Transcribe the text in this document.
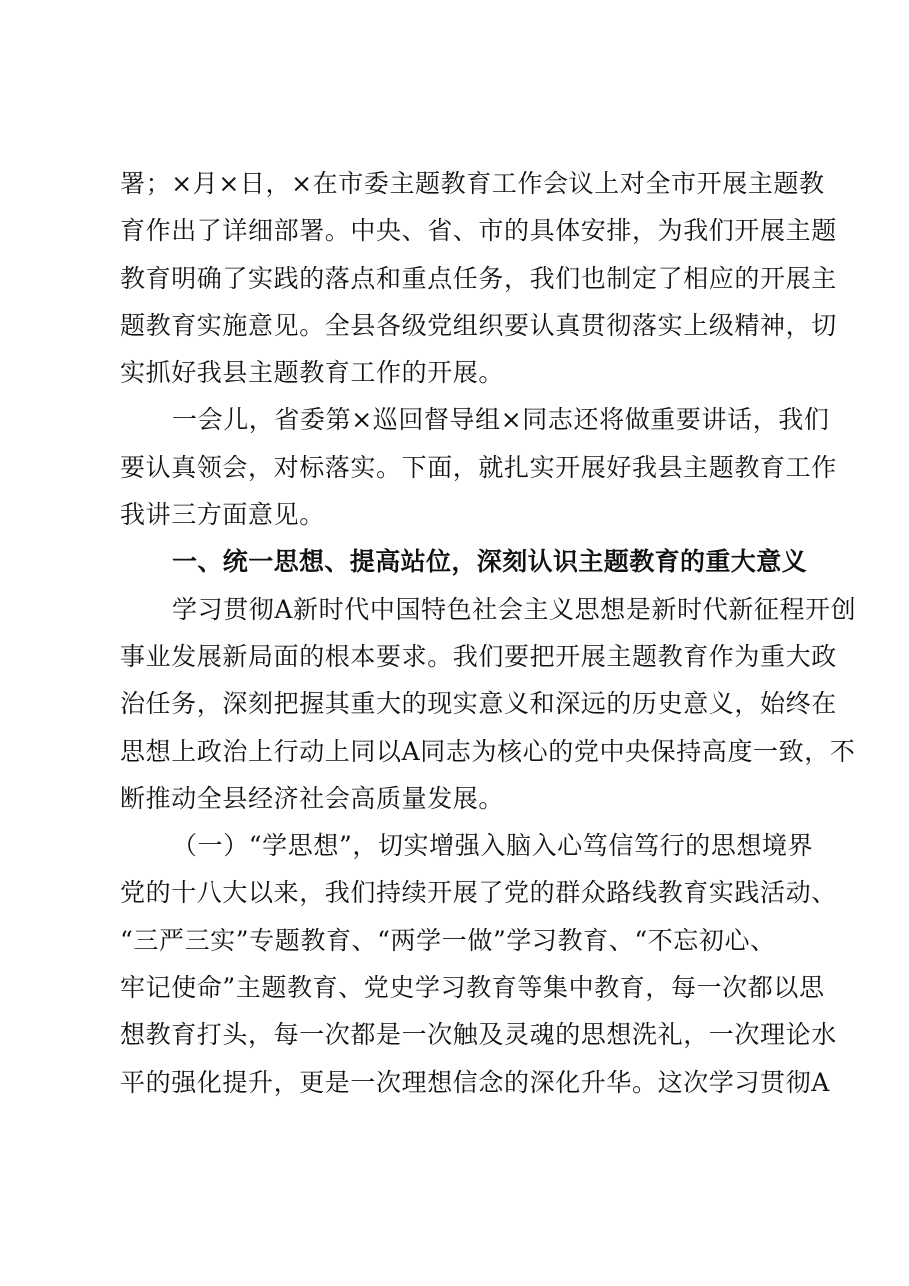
署；×月×日，×在市委主题教育工作会议上对全市开展主题教
育作出了详细部署。中央、省、市的具体安排，为我们开展主题
教育明确了实践的落点和重点任务，我们也制定了相应的开展主
题教育实施意见。全县各级党组织要认真贯彻落实上级精神，切
实抓好我县主题教育工作的开展。
一会儿，省委第×巡回督导组×同志还将做重要讲话，我们
要认真领会，对标落实。下面，就扎实开展好我县主题教育工作
我讲三方面意见。
一、统一思想、提高站位，深刻认识主题教育的重大意义
学习贯彻A新时代中国特色社会主义思想是新时代新征程开创
事业发展新局面的根本要求。我们要把开展主题教育作为重大政
治任务，深刻把握其重大的现实意义和深远的历史意义，始终在
思想上政治上行动上同以A同志为核心的党中央保持高度一致，不
断推动全县经济社会高质量发展。
（一）“学思想”，切实增强入脑入心笃信笃行的思想境界
党的十八大以来，我们持续开展了党的群众路线教育实践活动、
“三严三实”专题教育、“两学一做”学习教育、“不忘初心、
牢记使命”主题教育、党史学习教育等集中教育，每一次都以思
想教育打头，每一次都是一次触及灵魂的思想洗礼，一次理论水
平的强化提升，更是一次理想信念的深化升华。这次学习贯彻A
